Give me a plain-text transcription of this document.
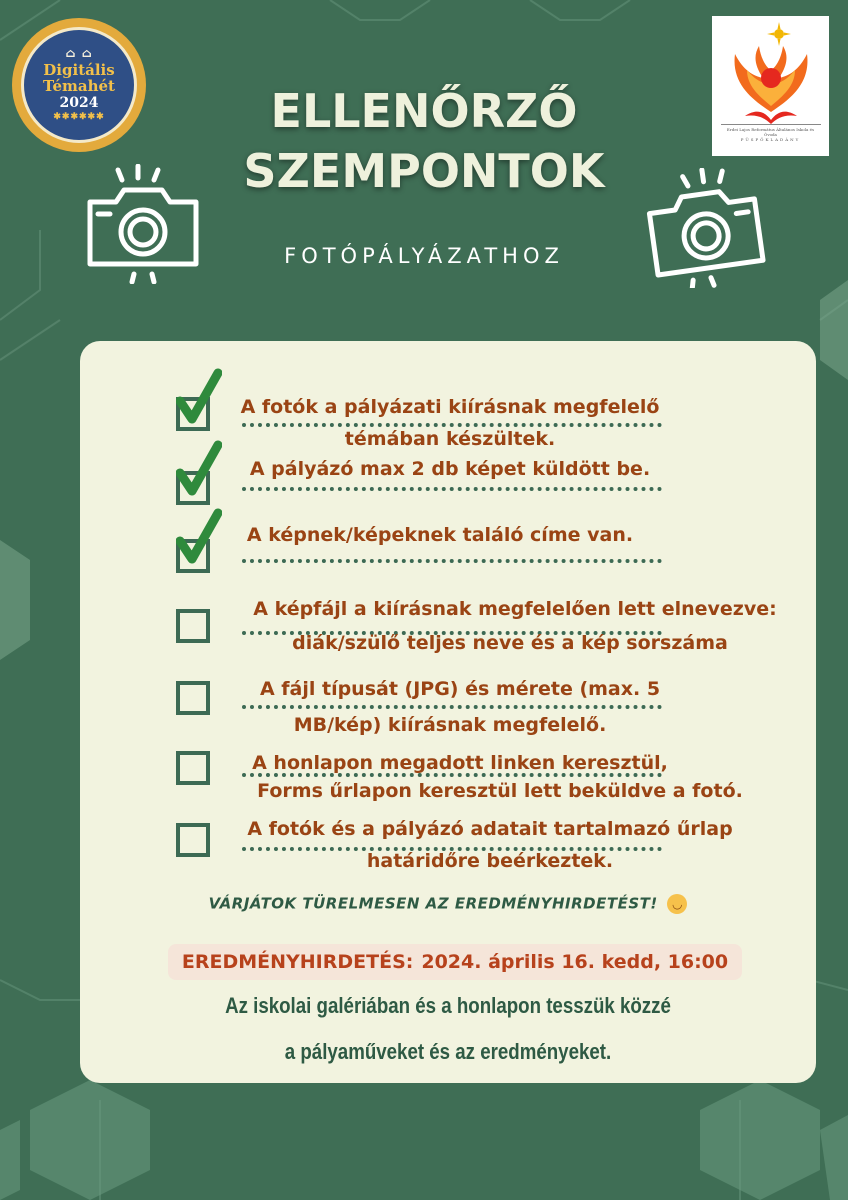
⌂ ⌂
Digitális
Témahét
2024
✱✱✱✱✱✱
Erdei Lajos Református Általános Iskola és Óvoda
PÜSPÖKLADÁNY
ELLENŐRZŐ
SZEMPONTOK
FOTÓPÁLYÁZATHOZ
A fotók a pályázati kiírásnak megfelelő
témában készültek.
A pályázó max 2 db képet küldött be.
A képnek/képeknek találó címe van.
A képfájl a kiírásnak megfelelően lett elnevezve:
diák/szülő teljes neve és a kép sorszáma
A fájl típusát (JPG) és mérete (max. 5
MB/kép) kiírásnak megfelelő.
A honlapon megadott linken keresztül,
Forms űrlapon keresztül lett beküldve a fotó.
A fotók és a pályázó adatait tartalmazó űrlap
határidőre beérkeztek.
VÁRJÁTOK TÜRELMESEN AZ EREDMÉNYHIRDETÉST! ◡
EREDMÉNYHIRDETÉS: 2024. április 16. kedd, 16:00
Az iskolai galériában és a honlapon tesszük közzé
a pályaműveket és az eredményeket.
